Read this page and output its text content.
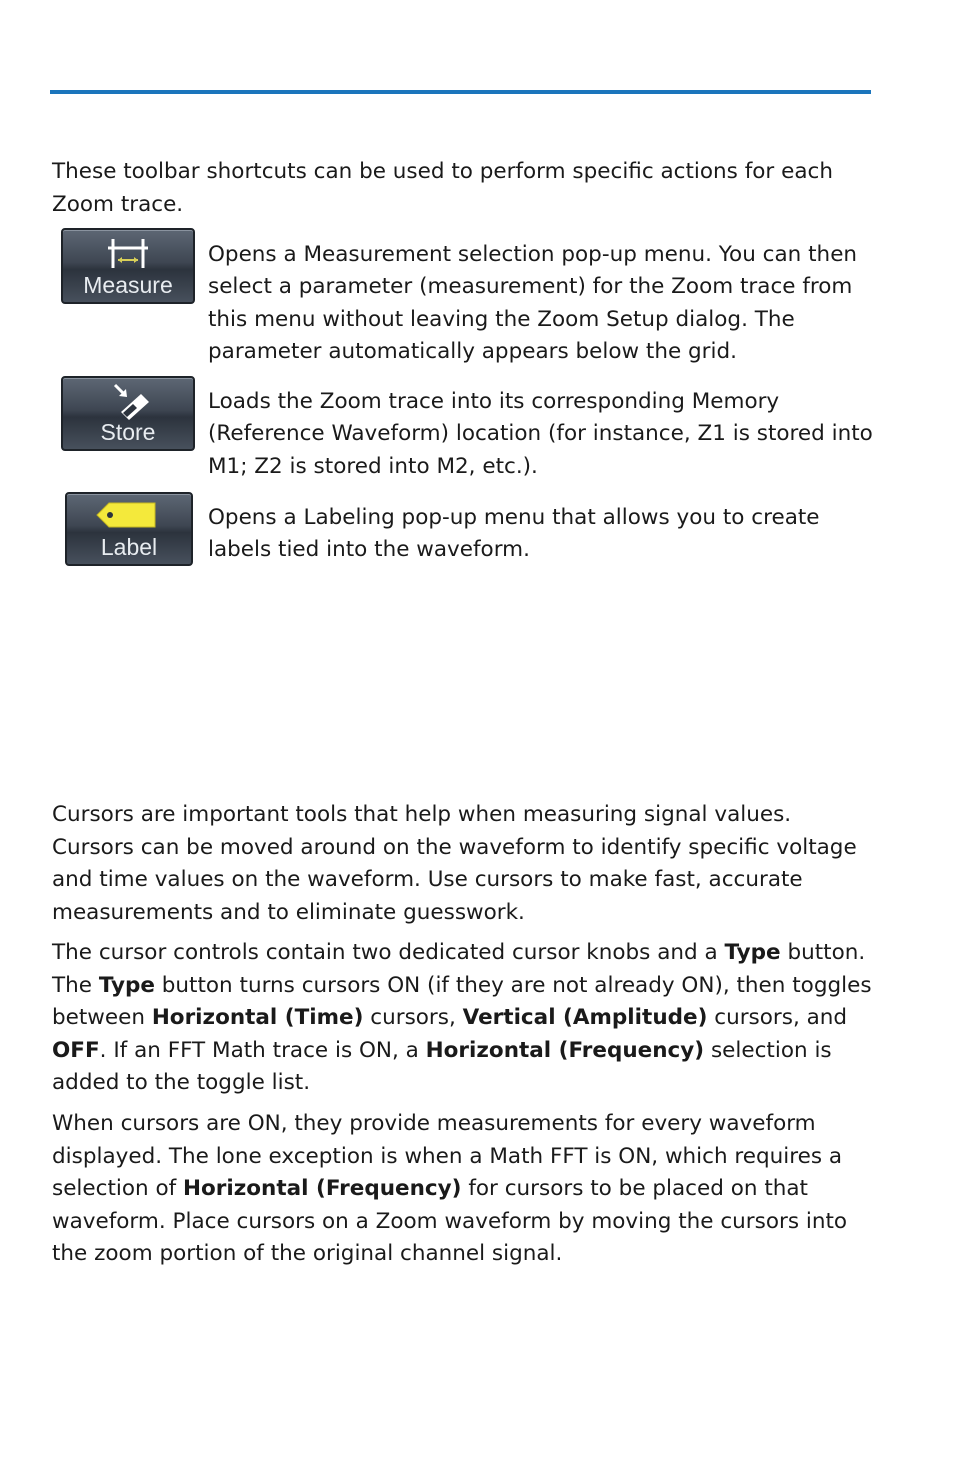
These toolbar shortcuts can be used to perform specific actions for each Zoom trace.

Measure

Opens a Measurement selection pop-up menu. You can then select a parameter (measurement) for the Zoom trace from this menu without leaving the Zoom Setup dialog. The parameter automatically appears below the grid.

Store

Loads the Zoom trace into its corresponding Memory (Reference Waveform) location (for instance, Z1 is stored into M1; Z2 is stored into M2, etc.).

Label

Opens a Labeling pop-up menu that allows you to create labels tied into the waveform.

Cursors are important tools that help when measuring signal values. Cursors can be moved around on the waveform to identify specific voltage and time values on the waveform. Use cursors to make fast, accurate measurements and to eliminate guesswork.

The cursor controls contain two dedicated cursor knobs and a Type button. The Type button turns cursors ON (if they are not already ON), then toggles between Horizontal (Time) cursors, Vertical (Amplitude) cursors, and OFF. If an FFT Math trace is ON, a Horizontal (Frequency) selection is added to the toggle list.

When cursors are ON, they provide measurements for every waveform displayed. The lone exception is when a Math FFT is ON, which requires a selection of Horizontal (Frequency) for cursors to be placed on that waveform. Place cursors on a Zoom waveform by moving the cursors into the zoom portion of the original channel signal.
